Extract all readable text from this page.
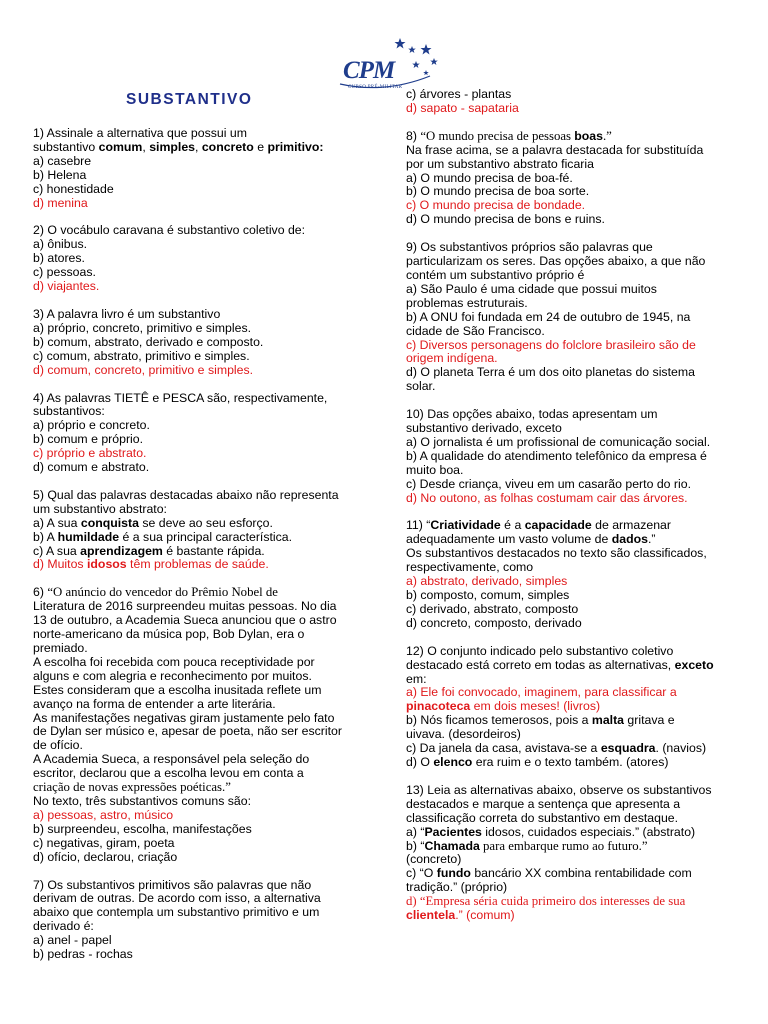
CPM
CURSO PRÉ-MILITAR
SUBSTANTIVO
1) Assinale a alternativa que possui um
substantivo comum, simples, concreto e primitivo:
a) casebre
b) Helena
c) honestidade
d) menina
2) O vocábulo caravana é substantivo coletivo de:
a) ônibus.
b) atores.
c) pessoas.
d) viajantes.
3) A palavra livro é um substantivo
a) próprio, concreto, primitivo e simples.
b) comum, abstrato, derivado e composto.
c) comum, abstrato, primitivo e simples.
d) comum, concreto, primitivo e simples.
4) As palavras TIETÊ e PESCA são, respectivamente,
substantivos:
a) próprio e concreto.
b) comum e próprio.
c) próprio e abstrato.
d) comum e abstrato.
5) Qual das palavras destacadas abaixo não representa
um substantivo abstrato:
a) A sua conquista se deve ao seu esforço.
b) A humildade é a sua principal característica.
c) A sua aprendizagem é bastante rápida.
d) Muitos idosos têm problemas de saúde.
6) “O anúncio do vencedor do Prêmio Nobel de
Literatura de 2016 surpreendeu muitas pessoas. No dia
13 de outubro, a Academia Sueca anunciou que o astro
norte-americano da música pop, Bob Dylan, era o
premiado.
A escolha foi recebida com pouca receptividade por
alguns e com alegria e reconhecimento por muitos.
Estes consideram que a escolha inusitada reflete um
avanço na forma de entender a arte literária.
As manifestações negativas giram justamente pelo fato
de Dylan ser músico e, apesar de poeta, não ser escritor
de ofício.
A Academia Sueca, a responsável pela seleção do
escritor, declarou que a escolha levou em conta a
criação de novas expressões poéticas.”
No texto, três substantivos comuns são:
a) pessoas, astro, músico
b) surpreendeu, escolha, manifestações
c) negativas, giram, poeta
d) ofício, declarou, criação
7) Os substantivos primitivos são palavras que não
derivam de outras. De acordo com isso, a alternativa
abaixo que contempla um substantivo primitivo e um
derivado é:
a) anel - papel
b) pedras - rochas
c) árvores - plantas
d) sapato - sapataria
8) “O mundo precisa de pessoas boas.”
Na frase acima, se a palavra destacada for substituída
por um substantivo abstrato ficaria
a) O mundo precisa de boa-fé.
b) O mundo precisa de boa sorte.
c) O mundo precisa de bondade.
d) O mundo precisa de bons e ruins.
9) Os substantivos próprios são palavras que
particularizam os seres. Das opções abaixo, a que não
contém um substantivo próprio é
a) São Paulo é uma cidade que possui muitos
problemas estruturais.
b) A ONU foi fundada em 24 de outubro de 1945, na
cidade de São Francisco.
c) Diversos personagens do folclore brasileiro são de
origem indígena.
d) O planeta Terra é um dos oito planetas do sistema
solar.
10) Das opções abaixo, todas apresentam um
substantivo derivado, exceto
a) O jornalista é um profissional de comunicação social.
b) A qualidade do atendimento telefônico da empresa é
muito boa.
c) Desde criança, viveu em um casarão perto do rio.
d) No outono, as folhas costumam cair das árvores.
11) “Criatividade é a capacidade de armazenar
adequadamente um vasto volume de dados.”
Os substantivos destacados no texto são classificados,
respectivamente, como
a) abstrato, derivado, simples
b) composto, comum, simples
c) derivado, abstrato, composto
d) concreto, composto, derivado
12) O conjunto indicado pelo substantivo coletivo
destacado está correto em todas as alternativas, exceto
em:
a) Ele foi convocado, imaginem, para classificar a
pinacoteca em dois meses! (livros)
b) Nós ficamos temerosos, pois a malta gritava e
uivava. (desordeiros)
c) Da janela da casa, avistava-se a esquadra. (navios)
d) O elenco era ruim e o texto também. (atores)
13) Leia as alternativas abaixo, observe os substantivos
destacados e marque a sentença que apresenta a
classificação correta do substantivo em destaque.
a) “Pacientes idosos, cuidados especiais.” (abstrato)
b) “Chamada para embarque rumo ao futuro.”
(concreto)
c) “O fundo bancário XX combina rentabilidade com
tradição.” (próprio)
d) “Empresa séria cuida primeiro dos interesses de sua
clientela.” (comum)
